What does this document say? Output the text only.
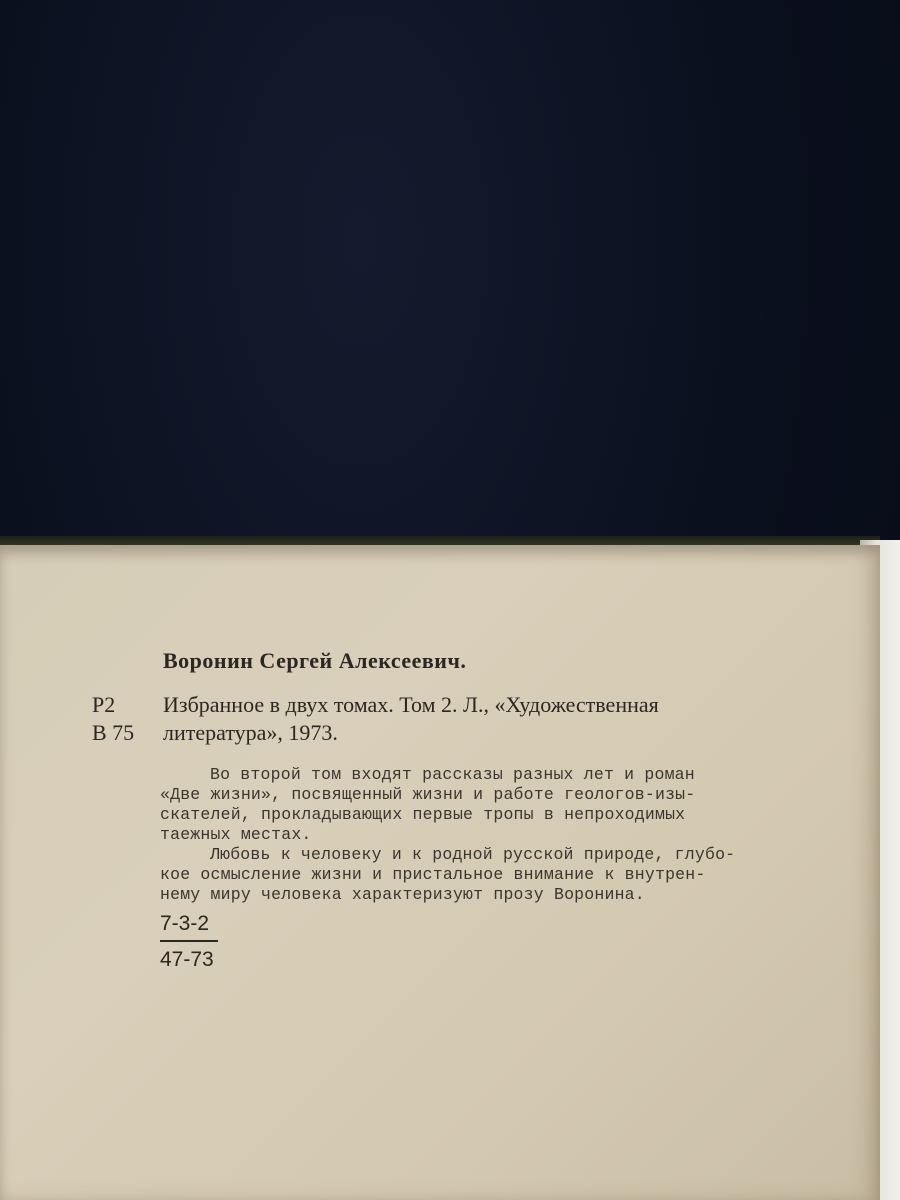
Воронин Сергей Алексеевич.
Р2
В 75
Избранное в двух томах. Том 2. Л., «Художественная
литература», 1973.
Во второй том входят рассказы разных лет и роман
«Две жизни», посвященный жизни и работе геологов-изы-
скателей, прокладывающих первые тропы в непроходимых
таежных местах.
Любовь к человеку и к родной русской природе, глубо-
кое осмысление жизни и пристальное внимание к внутрен-
нему миру человека характеризуют прозу Воронина.
7-3-2
47-73
